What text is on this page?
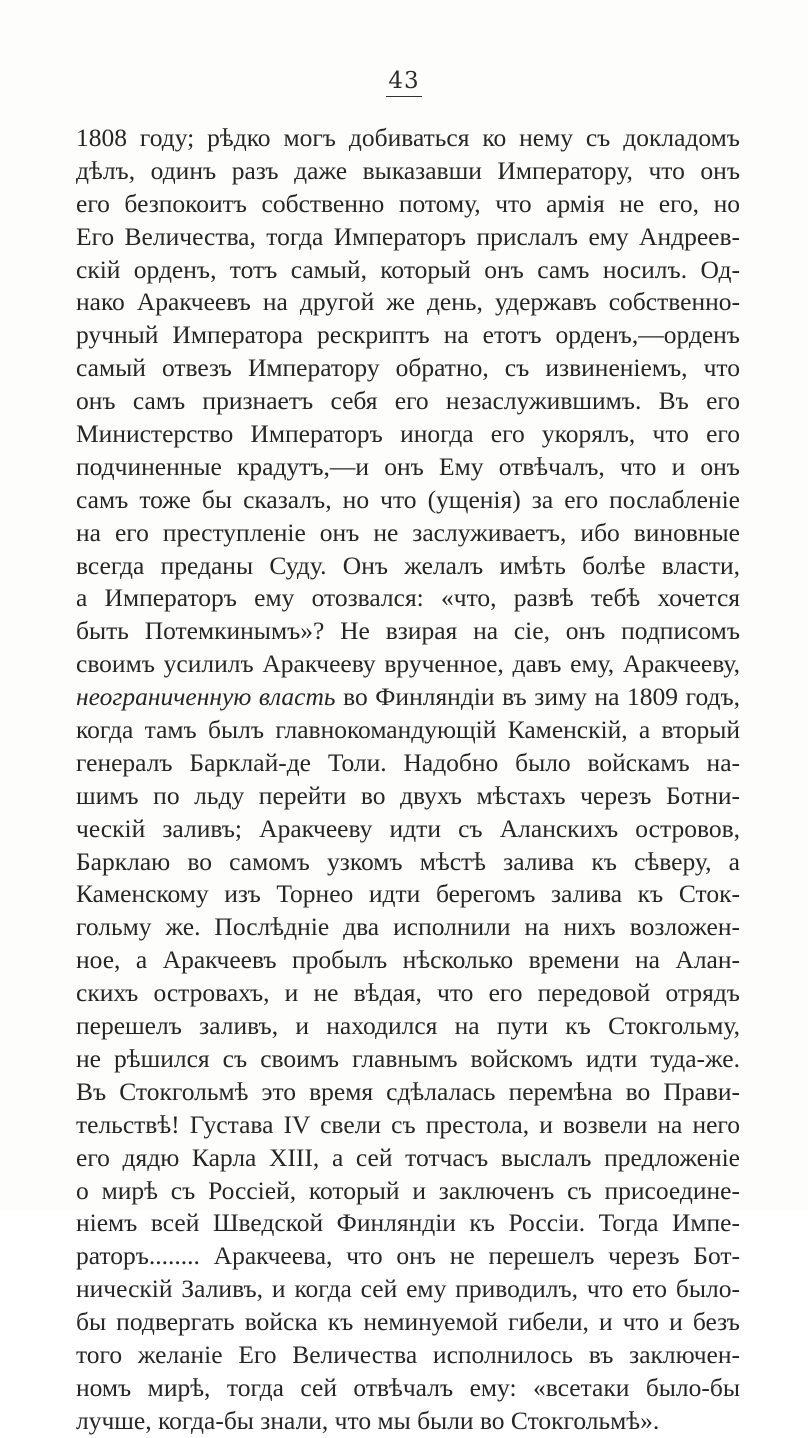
43
1808 году; рѣдко могъ добиваться ко нему съ докладомъ
дѣлъ, одинъ разъ даже выказавши Императору, что онъ
его безпокоитъ собственно потому, что армія не его, но
Его Величества, тогда Императоръ прислалъ ему Андреев-
скій орденъ, тотъ самый, который онъ самъ носилъ. Од-
нако Аракчеевъ на другой же день, удержавъ собственно-
ручный Императора рескриптъ на етотъ орденъ,—орденъ
самый отвезъ Императору обратно, съ извиненіемъ, что
онъ самъ признаетъ себя его незаслужившимъ. Въ его
Министерство Императоръ иногда его укорялъ, что его
подчиненные крадутъ,—и онъ Ему отвѣчалъ, что и онъ
самъ тоже бы сказалъ, но что (ущенія) за его послабленіе
на его преступленіе онъ не заслуживаетъ, ибо виновные
всегда преданы Суду. Онъ желалъ имѣть болѣе власти,
а Императоръ ему отозвался: «что, развѣ тебѣ хочется
быть Потемкинымъ»? Не взирая на сіе, онъ подписомъ
своимъ усилилъ Аракчееву врученное, давъ ему, Аракчееву,
неограниченную власть во Финляндіи въ зиму на 1809 годъ,
когда тамъ былъ главнокомандующій Каменскій, а вторый
генералъ Барклай-де Толи. Надобно было войскамъ на-
шимъ по льду перейти во двухъ мѣстахъ черезъ Ботни-
ческій заливъ; Аракчееву идти съ Аланскихъ островов,
Барклаю во самомъ узкомъ мѣстѣ залива къ сѣверу, а
Каменскому изъ Торнео идти берегомъ залива къ Сток-
гольму же. Послѣдніе два исполнили на нихъ возложен-
ное, а Аракчеевъ пробылъ нѣсколько времени на Алан-
скихъ островахъ, и не вѣдая, что его передовой отрядъ
перешелъ заливъ, и находился на пути къ Стокгольму,
не рѣшился съ своимъ главнымъ войскомъ идти туда-же.
Въ Стокгольмѣ это время сдѣлалась перемѣна во Прави-
тельствѣ! Густава IV свели съ престола, и возвели на него
его дядю Карла XIII, а сей тотчасъ выслалъ предложеніе
о мирѣ съ Россіей, который и заключенъ съ присоедине-
ніемъ всей Шведской Финляндіи къ Россіи. Тогда Импе-
раторъ........ Аракчеева, что онъ не перешелъ черезъ Бот-
ническій Заливъ, и когда сей ему приводилъ, что ето было-
бы подвергать войска къ неминуемой гибели, и что и безъ
того желаніе Его Величества исполнилось въ заключен-
номъ мирѣ, тогда сей отвѣчалъ ему: «всетаки было-бы
лучше, когда-бы знали, что мы были во Стокгольмѣ».
